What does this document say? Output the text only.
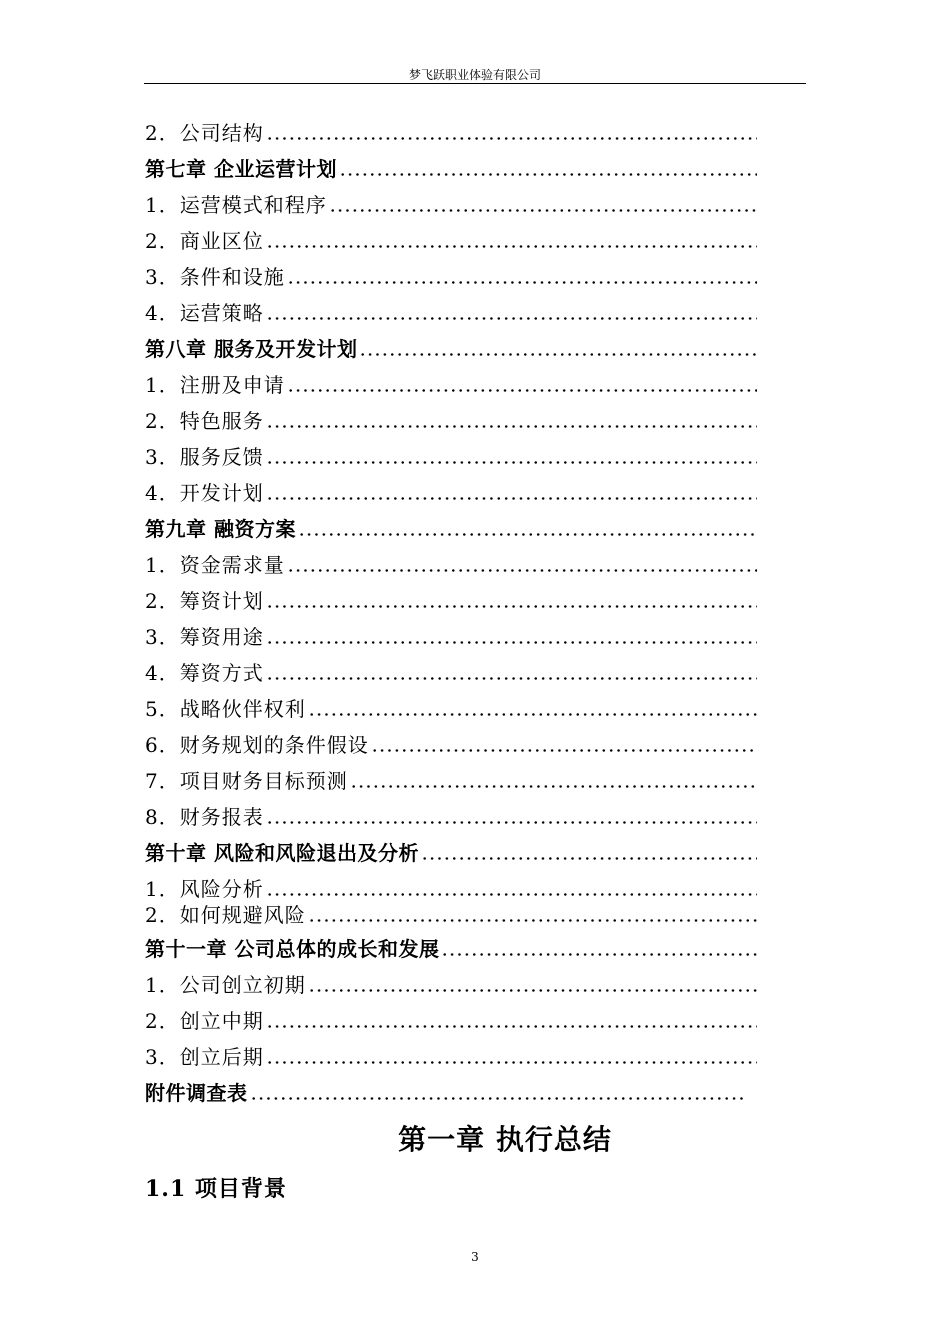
梦飞跃职业体验有限公司
2．公司结构
第七章 企业运营计划
1．运营模式和程序
2．商业区位
3．条件和设施
4．运营策略
第八章 服务及开发计划
1．注册及申请
2．特色服务
3．服务反馈
4．开发计划
第九章 融资方案
1．资金需求量
2．筹资计划
3．筹资用途
4．筹资方式
5．战略伙伴权利
6．财务规划的条件假设
7．项目财务目标预测
8．财务报表
第十章 风险和风险退出及分析
1．风险分析
2．如何规避风险
第十一章 公司总体的成长和发展
1．公司创立初期
2．创立中期
3．创立后期
附件调查表
第一章 执行总结
1.1 项目背景
3
